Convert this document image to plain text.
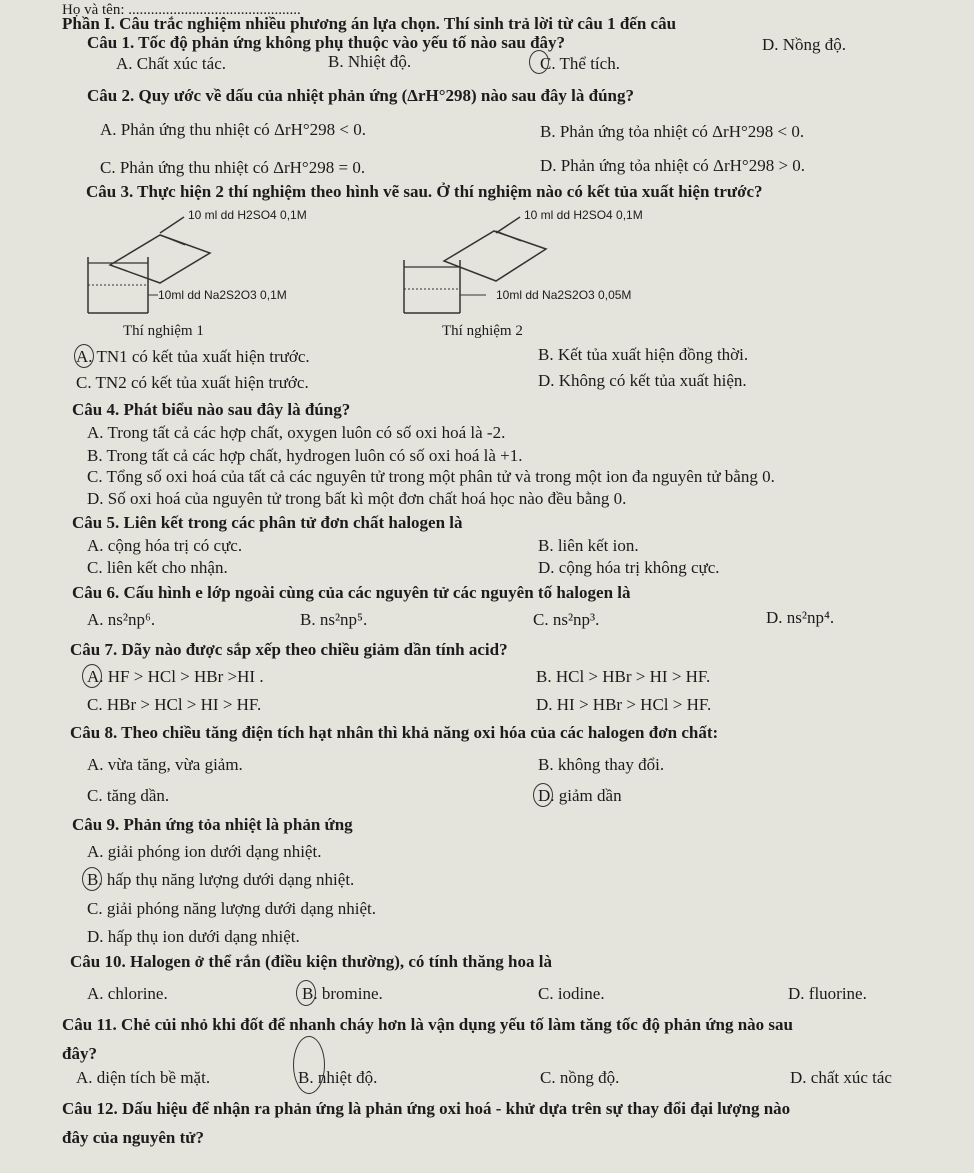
Họ và tên: ..............................................
Phần I. Câu trắc nghiệm nhiều phương án lựa chọn. Thí sinh trả lời từ câu 1 đến câu
Câu 1. Tốc độ phản ứng không phụ thuộc vào yếu tố nào sau đây?
A. Chất xúc tác.	B. Nhiệt độ.	C. Thể tích.
D. Nồng độ.
Câu 2. Quy ước về dấu của nhiệt phản ứng (ΔrH°298) nào sau đây là đúng?
A. Phản ứng thu nhiệt có ΔrH°298 < 0.	B. Phản ứng tỏa nhiệt có ΔrH°298 < 0.
C. Phản ứng thu nhiệt có ΔrH°298 = 0.	D. Phản ứng tỏa nhiệt có ΔrH°298 > 0.
Câu 3. Thực hiện 2 thí nghiệm theo hình vẽ sau. Ở thí nghiệm nào có kết tủa xuất hiện trước?
10 ml dd H2SO4 0,1M
10ml dd Na2S2O3 0,1M
Thí nghiệm 1
10 ml dd H2SO4 0,1M
10ml dd Na2S2O3 0,05M
Thí nghiệm 2
A. TN1 có kết tủa xuất hiện trước.	B. Kết tủa xuất hiện đồng thời.
C. TN2 có kết tủa xuất hiện trước.	D. Không có kết tủa xuất hiện.
Câu 4. Phát biểu nào sau đây là đúng?
A. Trong tất cả các hợp chất, oxygen luôn có số oxi hoá là -2.
B. Trong tất cả các hợp chất, hydrogen luôn có số oxi hoá là +1.
C. Tổng số oxi hoá của tất cả các nguyên tử trong một phân tử và trong một ion đa nguyên tử bằng 0.
D. Số oxi hoá của nguyên tử trong bất kì một đơn chất hoá học nào đều bằng 0.
Câu 5. Liên kết trong các phân tử đơn chất halogen là
A. cộng hóa trị có cực.	B. liên kết ion.
C. liên kết cho nhận.	D. cộng hóa trị không cực.
Câu 6. Cấu hình e lớp ngoài cùng của các nguyên tử các nguyên tố halogen là
A. ns²np⁶.	B. ns²np⁵.	C. ns²np³.	D. ns²np⁴.
Câu 7. Dãy nào được sắp xếp theo chiều giảm dần tính acid?
A. HF > HCl > HBr >HI .	B. HCl > HBr > HI > HF.
C. HBr > HCl > HI > HF.	D. HI > HBr > HCl > HF.
Câu 8. Theo chiều tăng điện tích hạt nhân thì khả năng oxi hóa của các halogen đơn chất:
A. vừa tăng, vừa giảm.	B. không thay đổi.
C. tăng dần.	D. giảm dần
Câu 9. Phản ứng tỏa nhiệt là phản ứng
A. giải phóng ion dưới dạng nhiệt.
B. hấp thụ năng lượng dưới dạng nhiệt.
C. giải phóng năng lượng dưới dạng nhiệt.
D. hấp thụ ion dưới dạng nhiệt.
Câu 10. Halogen ở thể rắn (điều kiện thường), có tính thăng hoa là
A. chlorine.	B. bromine.	C. iodine.	D. fluorine.
Câu 11. Chẻ củi nhỏ khi đốt để nhanh cháy hơn là vận dụng yếu tố làm tăng tốc độ phản ứng nào sau
đây?
A. diện tích bề mặt.	B. nhiệt độ.	C. nồng độ.	D. chất xúc tác
Câu 12. Dấu hiệu để nhận ra phản ứng là phản ứng oxi hoá - khử dựa trên sự thay đổi đại lượng nào
đây của nguyên tử?
